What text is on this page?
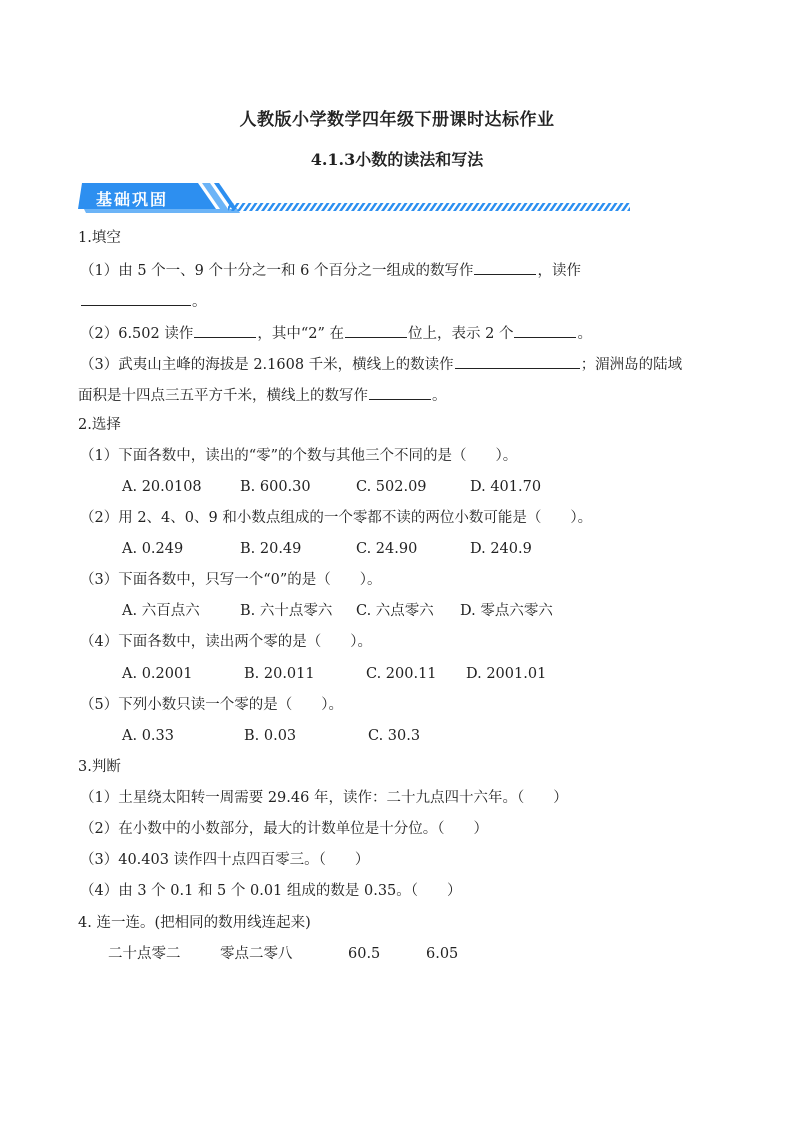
人教版小学数学四年级下册课时达标作业
4.1.3小数的读法和写法
基础巩固
1.填空
（1）由 5 个一、9 个十分之一和 6 个百分之一组成的数写作	，读作
。
（2）6.502 读作	，其中“2” 在	位上，表示 2 个	。
（3）武夷山主峰的海拔是 2.1608 千米，横线上的数读作	；湄洲岛的陆域
面积是十四点三五平方千米，横线上的数写作	。
2.选择
（1）下面各数中，读出的“零”的个数与其他三个不同的是（　　）。
A. 20.0108	B. 600.30	C. 502.09	D. 401.70
（2）用 2、4、0、9 和小数点组成的一个零都不读的两位小数可能是（　　）。
A. 0.249	B. 20.49	C. 24.90	D. 240.9
（3）下面各数中，只写一个“0”的是（　　）。
A. 六百点六	B. 六十点零六 C. 六点零六 D. 零点六零六
（4）下面各数中，读出两个零的是（　　）。
A. 0.2001	B. 20.011	C. 200.11 D. 2001.01
（5）下列小数只读一个零的是（　　）。
A. 0.33	B. 0.03	C. 30.3
3.判断
（1）土星绕太阳转一周需要 29.46 年，读作：二十九点四十六年。（　　）
（2）在小数中的小数部分，最大的计数单位是十分位。（　　）
（3）40.403 读作四十点四百零三。（　　）
（4）由 3 个 0.1 和 5 个 0.01 组成的数是 0.35。（　　）
4. 连一连。(把相同的数用线连起来)
二十点零二	零点二零八	60.5	6.05
